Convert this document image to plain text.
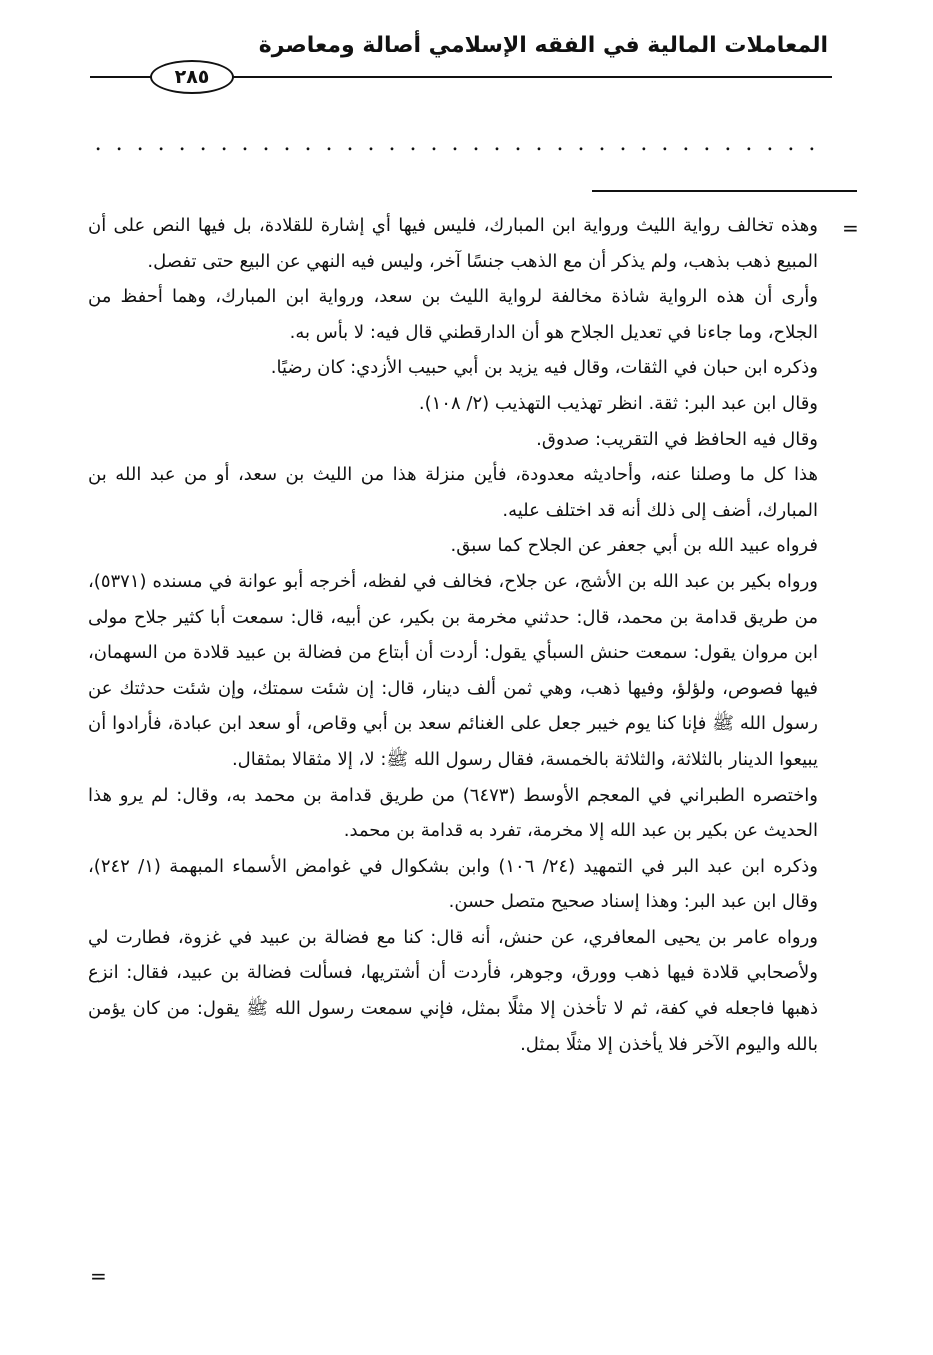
المعاملات المالية في الفقه الإسلامي أصالة ومعاصرة
٢٨٥
...................................
=

وهذه تخالف رواية الليث ورواية ابن المبارك، فليس فيها أي إشارة للقلادة، بل فيها النص على أن المبيع ذهب بذهب، ولم يذكر أن مع الذهب جنسًا آخر، وليس فيه النهي عن البيع حتى تفصل.

وأرى أن هذه الرواية شاذة مخالفة لرواية الليث بن سعد، ورواية ابن المبارك، وهما أحفظ من الجلاح، وما جاءنا في تعديل الجلاح هو أن الدارقطني قال فيه: لا بأس به.

وذكره ابن حبان في الثقات، وقال فيه يزيد بن أبي حبيب الأزدي: كان رضيًا.

وقال ابن عبد البر: ثقة. انظر تهذيب التهذيب (٢/ ١٠٨).

وقال فيه الحافظ في التقريب: صدوق.

هذا كل ما وصلنا عنه، وأحاديثه معدودة، فأين منزلة هذا من الليث بن سعد، أو من عبد الله بن المبارك، أضف إلى ذلك أنه قد اختلف عليه.

فرواه عبيد الله بن أبي جعفر عن الجلاح كما سبق.

ورواه بكير بن عبد الله بن الأشج، عن جلاح، فخالف في لفظه، أخرجه أبو عوانة في مسنده (٥٣٧١)، من طريق قدامة بن محمد، قال: حدثني مخرمة بن بكير، عن أبيه، قال: سمعت أبا كثير جلاح مولى ابن مروان يقول: سمعت حنش السبأي يقول: أردت أن أبتاع من فضالة بن عبيد قلادة من السهمان، فيها فصوص، ولؤلؤ، وفيها ذهب، وهي ثمن ألف دينار، قال: إن شئت سمتك، وإن شئت حدثتك عن رسول الله ﷺ فإنا كنا يوم خيبر جعل على الغنائم سعد بن أبي وقاص، أو سعد ابن عبادة، فأرادوا أن يبيعوا الدينار بالثلاثة، والثلاثة بالخمسة، فقال رسول الله ﷺ: لا، إلا مثقالا بمثقال.

واختصره الطبراني في المعجم الأوسط (٦٤٧٣) من طريق قدامة بن محمد به، وقال: لم يرو هذا الحديث عن بكير بن عبد الله إلا مخرمة، تفرد به قدامة بن محمد.

وذكره ابن عبد البر في التمهيد (٢٤/ ١٠٦) وابن بشكوال في غوامض الأسماء المبهمة (١/ ٢٤٢)، وقال ابن عبد البر: وهذا إسناد صحيح متصل حسن.

ورواه عامر بن يحيى المعافري، عن حنش، أنه قال: كنا مع فضالة بن عبيد في غزوة، فطارت لي ولأصحابي قلادة فيها ذهب وورق، وجوهر، فأردت أن أشتريها، فسألت فضالة بن عبيد، فقال: انزع ذهبها فاجعله في كفة، ثم لا تأخذن إلا مثلًا بمثل، فإني سمعت رسول الله ﷺ يقول: من كان يؤمن بالله واليوم الآخر فلا يأخذن إلا مثلًا بمثل.

=
